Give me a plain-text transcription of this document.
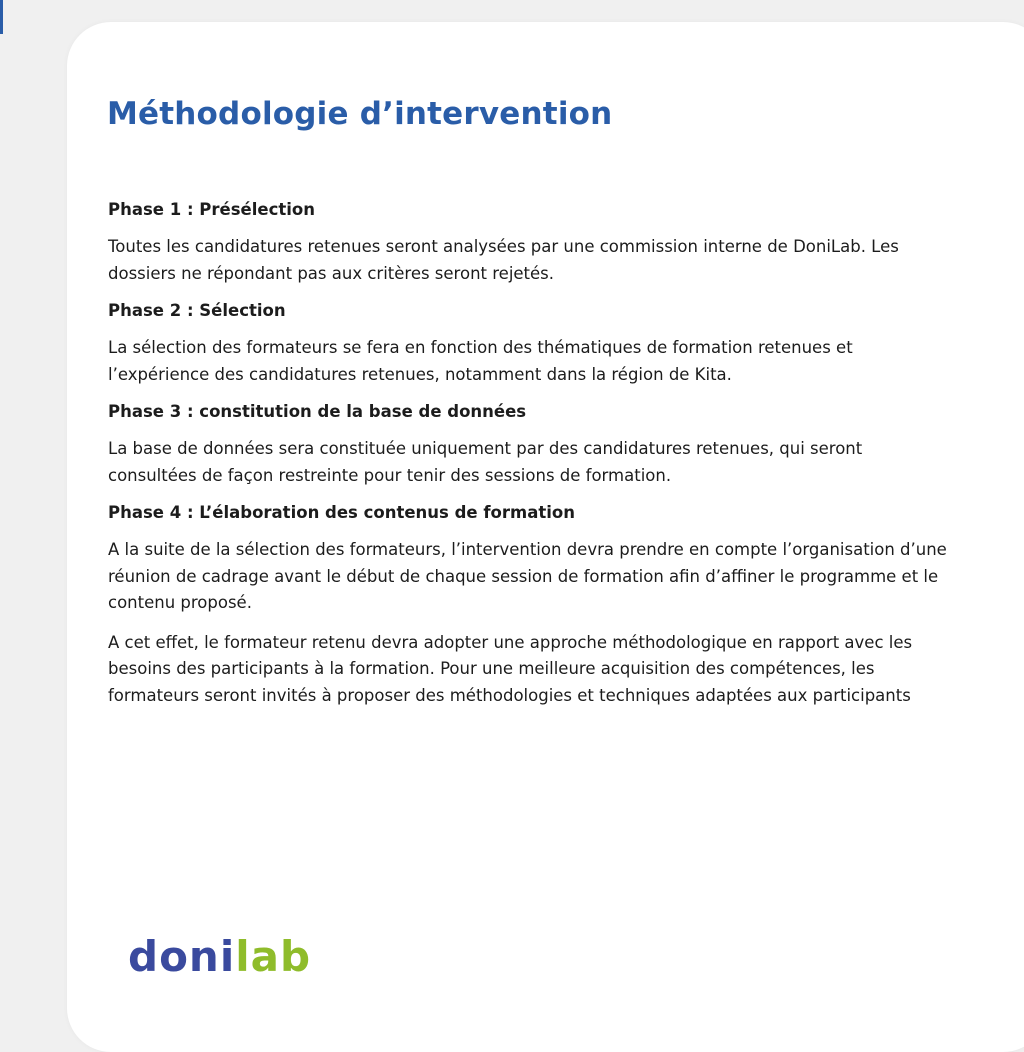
Méthodologie d’intervention
Phase 1 : Présélection

Toutes les candidatures retenues seront analysées par une commission interne de DoniLab. Les dossiers ne répondant pas aux critères seront rejetés.

Phase 2 : Sélection

La sélection des formateurs se fera en fonction des thématiques de formation retenues et l’expérience des candidatures retenues, notamment dans la région de Kita.

Phase 3 : constitution de la base de données

La base de données sera constituée uniquement par des candidatures retenues, qui seront consultées de façon restreinte pour tenir des sessions de formation.

Phase 4 : L’élaboration des contenus de formation

A la suite de la sélection des formateurs, l’intervention devra prendre en compte l’organisation d’une réunion de cadrage avant le début de chaque session de formation afin d’affiner le programme et le contenu proposé.

A cet effet, le formateur retenu devra adopter une approche méthodologique en rapport avec les besoins des participants à la formation. Pour une meilleure acquisition des compétences, les formateurs seront invités à proposer des méthodologies et techniques adaptées aux participants

doni lab
